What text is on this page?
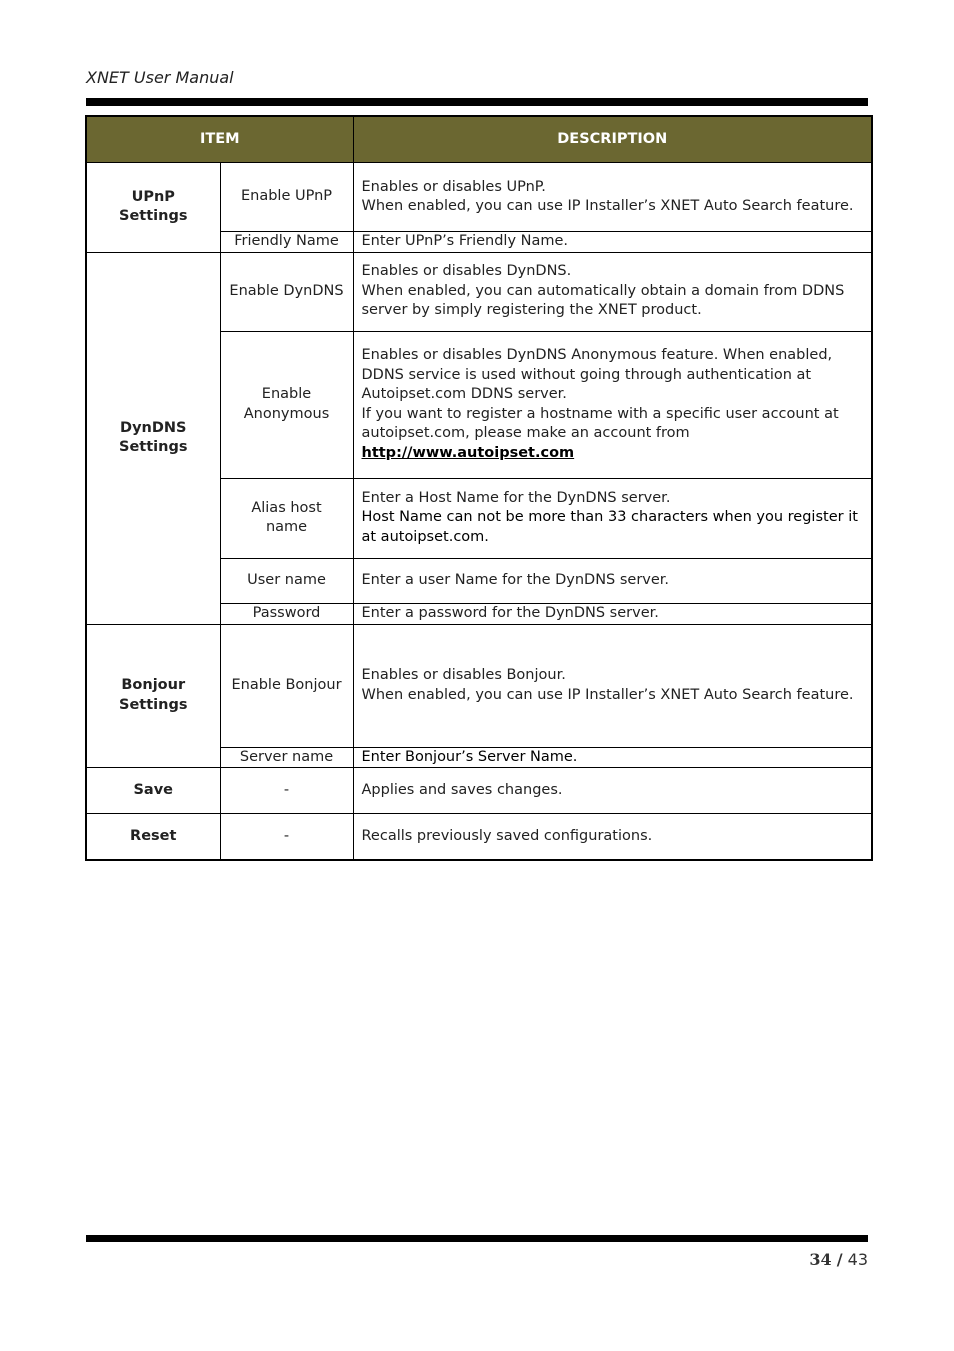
XNET User Manual
ITEM		DESCRIPTION
UPnP Settings	Enable UPnP	Enables or disables UPnP.
When enabled, you can use IP Installer’s XNET Auto Search feature.

	Friendly Name	Enter UPnP’s Friendly Name.

DynDNS Settings	Enable DynDNS	Enables or disables DynDNS.
When enabled, you can automatically obtain a domain from DDNS server by simply registering the XNET product.

	Enable Anonymous	Enables or disables DynDNS Anonymous feature. When enabled, DDNS service is used without going through authentication at Autoipset.com DDNS server.
If you want to register a hostname with a specific user account at autoipset.com, please make an account from
http://www.autoipset.com

	Alias host name	Enter a Host Name for the DynDNS server.
Host Name can not be more than 33 characters when you register it at autoipset.com.

	User name	Enter a user Name for the DynDNS server.

	Password	Enter a password for the DynDNS server.

Bonjour Settings	Enable Bonjour	Enables or disables Bonjour.
When enabled, you can use IP Installer’s XNET Auto Search feature.

	Server name	Enter Bonjour’s Server Name.

Save	-	Applies and saves changes.
Reset	-	Recalls previously saved configurations.
34 / 43
